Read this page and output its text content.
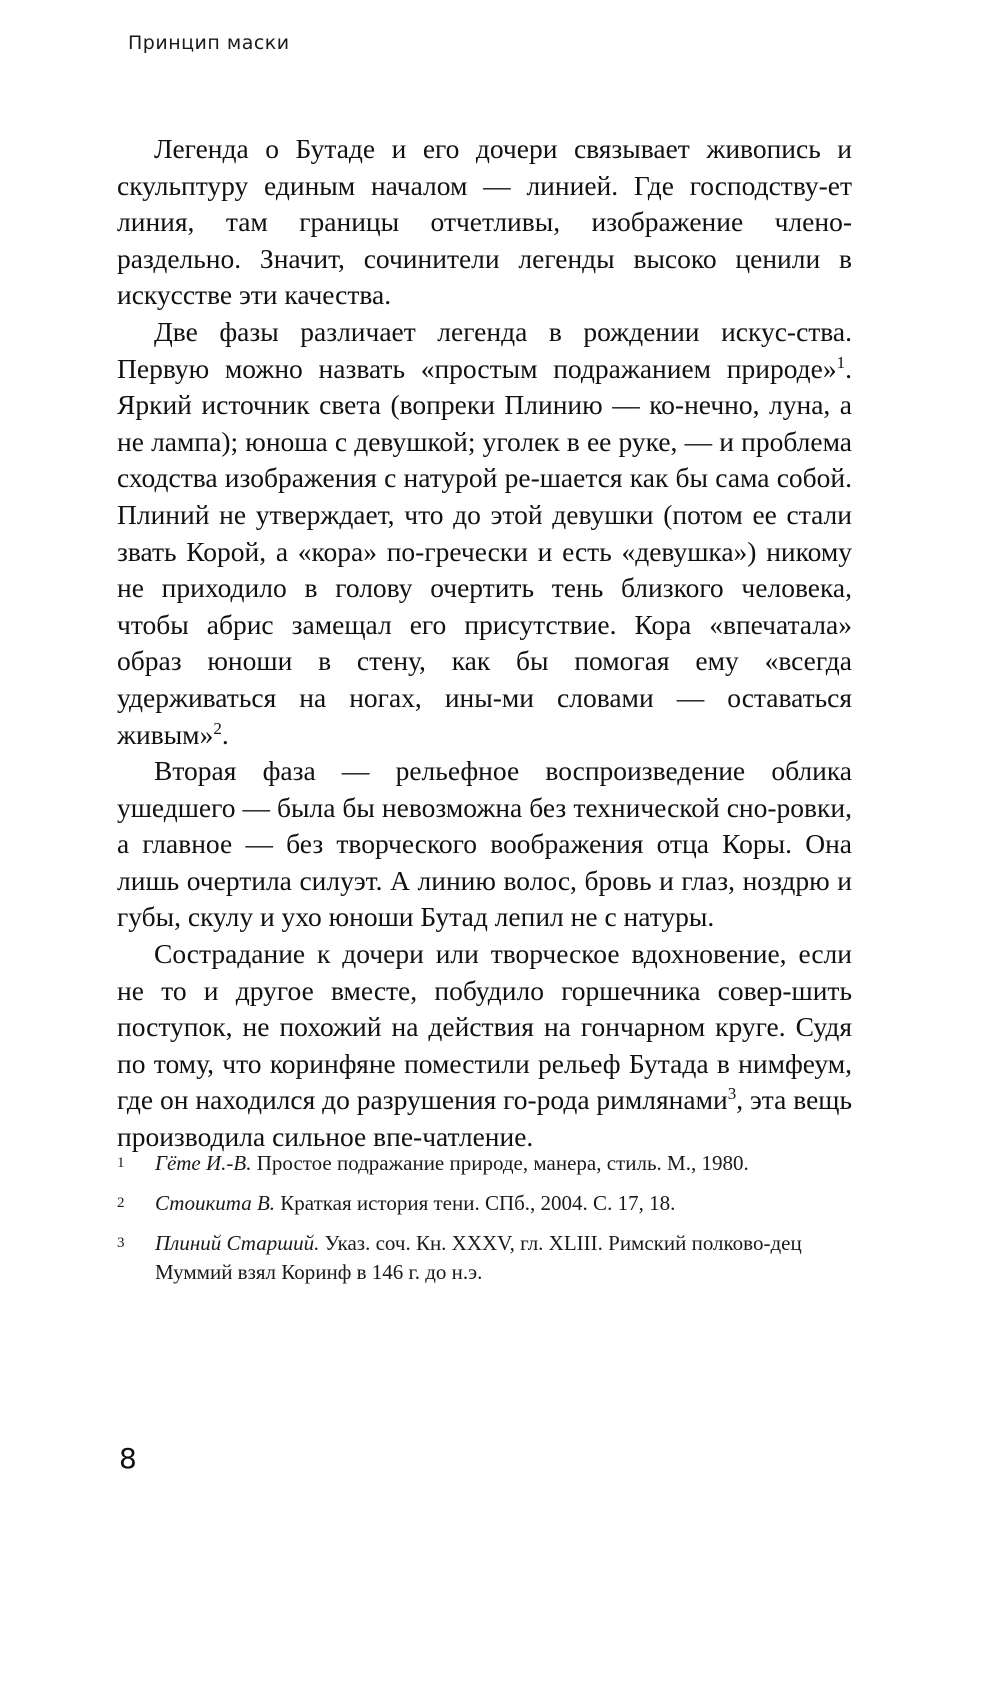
Принцип маски

Легенда о Бутаде и его дочери связывает живопись и скульптуру единым началом — линией. Где господству-ет линия, там границы отчетливы, изображение члено-раздельно. Значит, сочинители легенды высоко ценили в искусстве эти качества.

Две фазы различает легенда в рождении искус-ства. Первую можно назвать «простым подражанием природе»$^1$. Яркий источник света (вопреки Плинию — ко-нечно, луна, а не лампа); юноша с девушкой; уголек в ее руке, — и проблема сходства изображения с натурой ре-шается как бы сама собой. Плиний не утверждает, что до этой девушки (потом ее стали звать Корой, а «кора» по-гречески и есть «девушка») никому не приходило в голову очертить тень близкого человека, чтобы абрис замещал его присутствие. Кора «впечатала» образ юноши в стену, как бы помогая ему «всегда удерживаться на ногах, ины-ми словами — оставаться живым»$^2$.

Вторая фаза — рельефное воспроизведение облика ушедшего — была бы невозможна без технической сно-ровки, а главное — без творческого воображения отца Коры. Она лишь очертила силуэт. А линию волос, бровь и глаз, ноздрю и губы, скулу и ухо юноши Бутад лепил не с натуры.

Сострадание к дочери или творческое вдохновение, если не то и другое вместе, побудило горшечника совер-шить поступок, не похожий на действия на гончарном круге. Судя по тому, что коринфяне поместили рельеф Бутада в нимфеум, где он находился до разрушения го-рода римлянами$^3$, эта вещь производила сильное впе-чатление.

1	Гёте И.-В. Простое подражание природе, манера, стиль. М., 1980.
2	Стоикита В. Краткая история тени. СПб., 2004. С. 17, 18.
3	Плиний Старший. Указ. соч. Кн. XXXV, гл. XLIII. Римский полково-дец Муммий взял Коринф в 146 г. до н.э.
8
